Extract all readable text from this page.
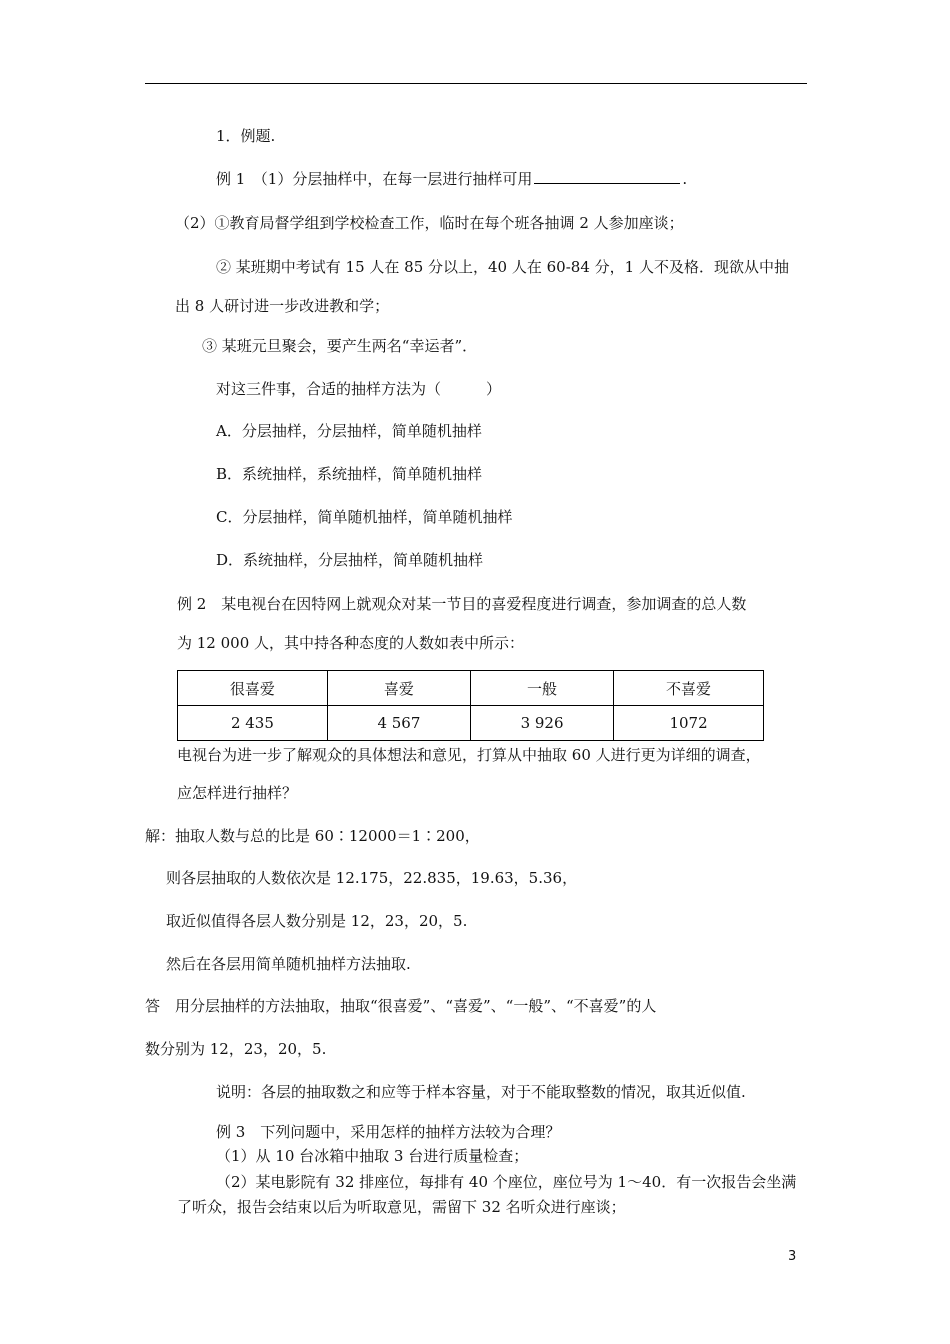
1．例题.
例 1　（1）分层抽样中，在每一层进行抽样可用	.
（2）①教育局督学组到学校检查工作，临时在每个班各抽调 2 人参加座谈；
② 某班期中考试有 15 人在 85 分以上，40 人在 60-84 分，1 人不及格．现欲从中抽
出 8 人研讨进一步改进教和学；
③ 某班元旦聚会，要产生两名“幸运者”．
对这三件事，合适的抽样方法为（　　　）
A．分层抽样，分层抽样，简单随机抽样
B．系统抽样，系统抽样，简单随机抽样
C．分层抽样，简单随机抽样，简单随机抽样
D．系统抽样，分层抽样，简单随机抽样
例 2　某电视台在因特网上就观众对某一节目的喜爱程度进行调查，参加调查的总人数
为 12 000 人，其中持各种态度的人数如表中所示：
很喜爱	喜爱	一般	不喜爱
2 435	4 567	3 926	1072
电视台为进一步了解观众的具体想法和意见，打算从中抽取 60 人进行更为详细的调查，
应怎样进行抽样？
解：抽取人数与总的比是 60∶12000＝1∶200，
则各层抽取的人数依次是 12.175，22.835，19.63，5.36，
取近似值得各层人数分别是 12，23，20，5.
然后在各层用简单随机抽样方法抽取.
答　用分层抽样的方法抽取，抽取“很喜爱”、“喜爱”、“一般”、“不喜爱”的人
数分别为 12，23，20，5.
说明：各层的抽取数之和应等于样本容量，对于不能取整数的情况，取其近似值.
例 3　下列问题中，采用怎样的抽样方法较为合理？
（1）从 10 台冰箱中抽取 3 台进行质量检查；
（2）某电影院有 32 排座位，每排有 40 个座位，座位号为 1～40．有一次报告会坐满
了听众，报告会结束以后为听取意见，需留下 32 名听众进行座谈；
3
